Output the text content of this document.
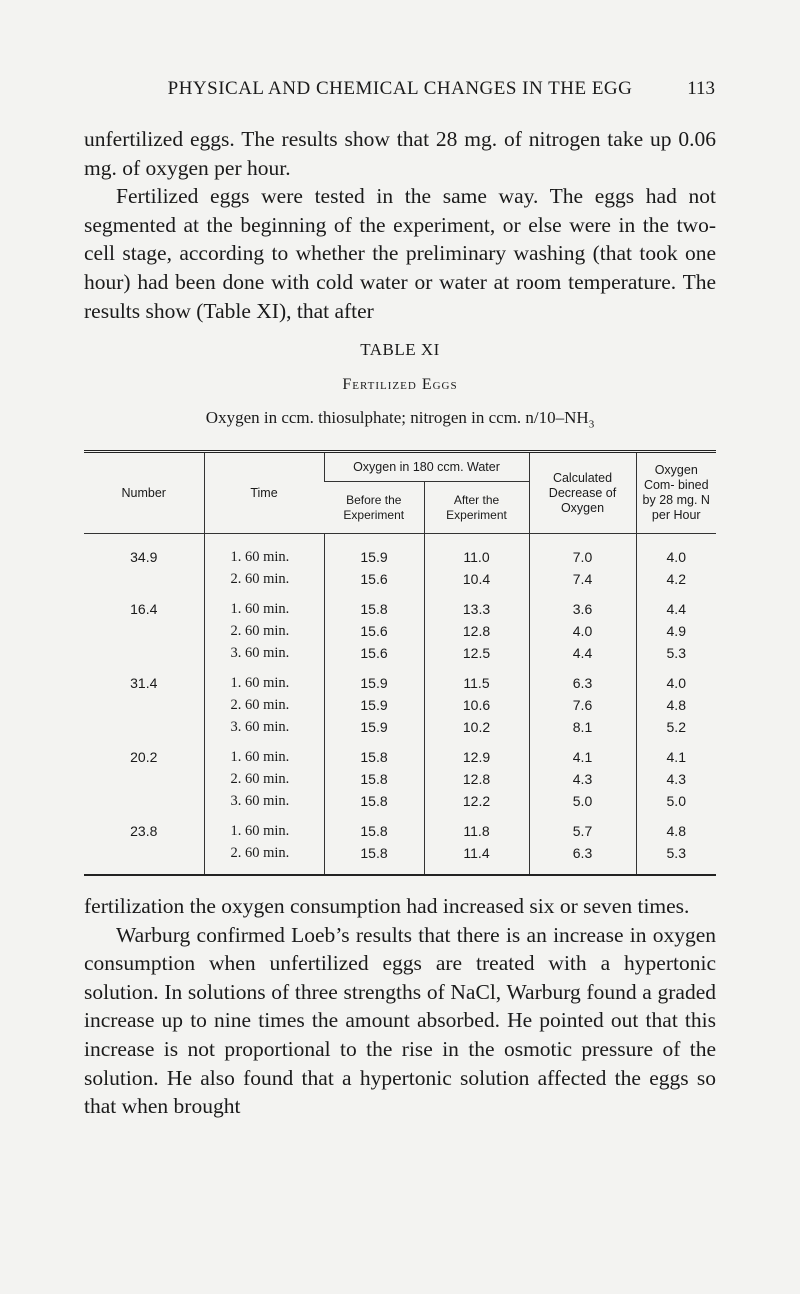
PHYSICAL AND CHEMICAL CHANGES IN THE EGG	113

unfertilized eggs. The results show that 28 mg. of nitrogen take up 0.06 mg. of oxygen per hour.

Fertilized eggs were tested in the same way. The eggs had not segmented at the beginning of the experiment, or else were in the two-cell stage, according to whether the preliminary washing (that took one hour) had been done with cold water or water at room temperature. The results show (Table XI), that after

TABLE XI
Fertilized Eggs
Oxygen in ccm. thiosulphate; nitrogen in ccm. $n/10-NH_3$
Number	Time	Oxygen in 180 ccm. Water		Calculated Decrease of Oxygen	Oxygen Com- bined by 28 mg. N per Hour
		Before the Experiment	After the Experiment		
34.9	1. 60 min.	15.9	11.0	7.0	4.0
	2. 60 min.	15.6	10.4	7.4	4.2

16.4	1. 60 min.	15.8	13.3	3.6	4.4
	2. 60 min.	15.6	12.8	4.0	4.9
	3. 60 min.	15.6	12.5	4.4	5.3

31.4	1. 60 min.	15.9	11.5	6.3	4.0
	2. 60 min.	15.9	10.6	7.6	4.8
	3. 60 min.	15.9	10.2	8.1	5.2

20.2	1. 60 min.	15.8	12.9	4.1	4.1
	2. 60 min.	15.8	12.8	4.3	4.3
	3. 60 min.	15.8	12.2	5.0	5.0

23.8	1. 60 min.	15.8	11.8	5.7	4.8
	2. 60 min.	15.8	11.4	6.3	5.3

fertilization the oxygen consumption had increased six or seven times.

Warburg confirmed Loeb’s results that there is an increase in oxygen consumption when unfertilized eggs are treated with a hypertonic solution. In solutions of three strengths of NaCl, Warburg found a graded increase up to nine times the amount absorbed. He pointed out that this increase is not proportional to the rise in the osmotic pressure of the solution. He also found that a hypertonic solution affected the eggs so that when brought
